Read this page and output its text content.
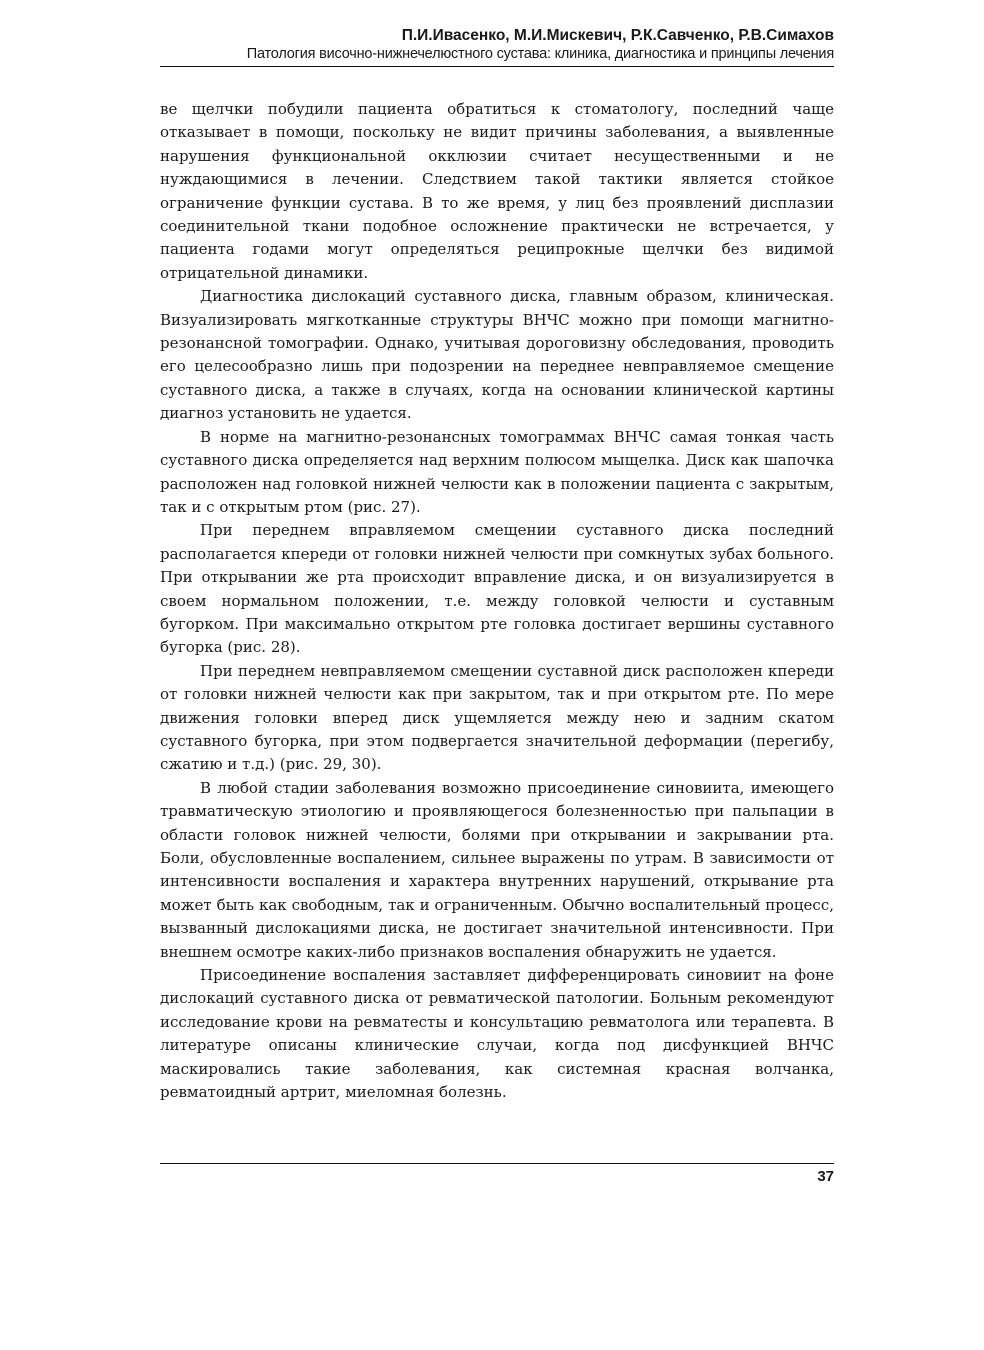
П.И.Ивасенко, М.И.Мискевич, Р.К.Савченко, Р.В.Симахов
Патология височно-нижнечелюстного сустава: клиника, диагностика и принципы лечения

ве щелчки побудили пациента обратиться к стоматологу, последний чаще отказывает в помощи, поскольку не видит причины заболевания, а выявленные нарушения функциональной окклюзии считает несущественными и не нуждающимися в лечении. Следствием такой тактики является стойкое ограничение функции сустава. В то же время, у лиц без проявлений дисплазии соединительной ткани подобное осложнение практически не встречается, у пациента годами могут определяться реципрокные щелчки без видимой отрицательной динамики.

Диагностика дислокаций суставного диска, главным образом, клиническая. Визуализировать мягкотканные структуры ВНЧС можно при помощи магнитно-резонансной томографии. Однако, учитывая дороговизну обследования, проводить его целесообразно лишь при подозрении на переднее невправляемое смещение суставного диска, а также в случаях, когда на основании клинической картины диагноз установить не удается.

В норме на магнитно-резонансных томограммах ВНЧС самая тонкая часть суставного диска определяется над верхним полюсом мыщелка. Диск как шапочка расположен над головкой нижней челюсти как в положении пациента с закрытым, так и с открытым ртом (рис. 27).

При переднем вправляемом смещении суставного диска последний располагается кпереди от головки нижней челюсти при сомкнутых зубах больного. При открывании же рта происходит вправление диска, и он визуализируется в своем нормальном положении, т.е. между головкой челюсти и суставным бугорком. При максимально открытом рте головка достигает вершины суставного бугорка (рис. 28).

При переднем невправляемом смещении суставной диск расположен кпереди от головки нижней челюсти как при закрытом, так и при открытом рте. По мере движения головки вперед диск ущемляется между нею и задним скатом суставного бугорка, при этом подвергается значительной деформации (перегибу, сжатию и т.д.) (рис. 29, 30).

В любой стадии заболевания возможно присоединение синовиита, имеющего травматическую этиологию и проявляющегося болезненностью при пальпации в области головок нижней челюсти, болями при открывании и закрывании рта. Боли, обусловленные воспалением, сильнее выражены по утрам. В зависимости от интенсивности воспаления и характера внутренних нарушений, открывание рта может быть как свободным, так и ограниченным. Обычно воспалительный процесс, вызванный дислокациями диска, не достигает значительной интенсивности. При внешнем осмотре каких-либо признаков воспаления обнаружить не удается.

Присоединение воспаления заставляет дифференцировать синовиит на фоне дислокаций суставного диска от ревматической патологии. Больным рекомендуют исследование крови на ревматесты и консультацию ревматолога или терапевта. В литературе описаны клинические случаи, когда под дисфункцией ВНЧС маскировались такие заболевания, как системная красная волчанка, ревматоидный артрит, миеломная болезнь.

37
